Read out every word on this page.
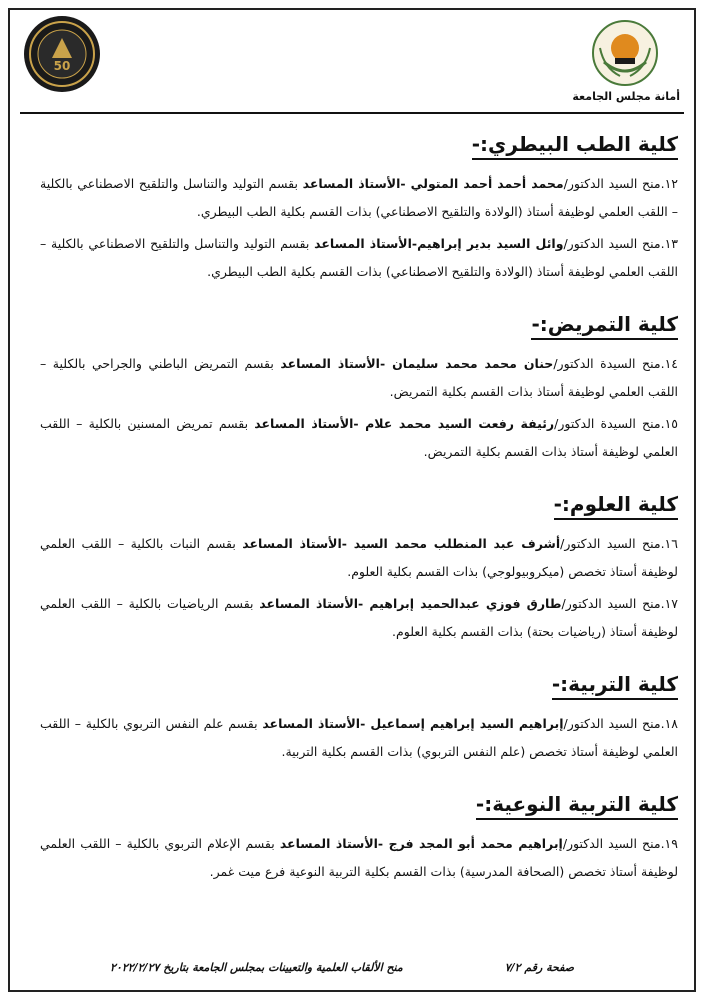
50
أمانة مجلس الجامعة
كلية الطب البيطري:-

١٢.منح السيد الدكتور/محمد أحمد أحمد المتولي -الأستاذ المساعد بقسم التوليد والتناسل والتلقيح الاصطناعي بالكلية – اللقب العلمي لوظيفة أستاذ (الولادة والتلقيح الاصطناعي) بذات القسم بكلية الطب البيطري.

١٣.منح السيد الدكتور/وائل السيد بدير إبراهيم-الأستاذ المساعد بقسم التوليد والتناسل والتلقيح الاصطناعي بالكلية – اللقب العلمي لوظيفة أستاذ (الولادة والتلقيح الاصطناعي) بذات القسم بكلية الطب البيطري.

كلية التمريض:-

١٤.منح السيدة الدكتور/حنان محمد محمد سليمان -الأستاذ المساعد بقسم التمريض الباطني والجراحي بالكلية – اللقب العلمي لوظيفة أستاذ بذات القسم بكلية التمريض.

١٥.منح السيدة الدكتور/رئيفة رفعت السيد محمد علام -الأستاذ المساعد بقسم تمريض المسنين بالكلية – اللقب العلمي لوظيفة أستاذ بذات القسم بكلية التمريض.

كلية العلوم:-

١٦.منح السيد الدكتور/أشرف عبد المنطلب محمد السيد -الأستاذ المساعد بقسم النبات بالكلية – اللقب العلمي لوظيفة أستاذ تخصص (ميكروبيولوجي) بذات القسم بكلية العلوم.

١٧.منح السيد الدكتور/طارق فوزي عبدالحميد إبراهيم -الأستاذ المساعد بقسم الرياضيات بالكلية – اللقب العلمي لوظيفة أستاذ (رياضيات بحتة) بذات القسم بكلية العلوم.

كلية التربية:-

١٨.منح السيد الدكتور/إبراهيم السيد إبراهيم إسماعيل -الأستاذ المساعد بقسم علم النفس التربوي بالكلية – اللقب العلمي لوظيفة أستاذ تخصص (علم النفس التربوي) بذات القسم بكلية التربية.

كلية التربية النوعية:-

١٩.منح السيد الدكتور/إبراهيم محمد أبو المجد فرج -الأستاذ المساعد بقسم الإعلام التربوي بالكلية – اللقب العلمي لوظيفة أستاذ تخصص (الصحافة المدرسية) بذات القسم بكلية التربية النوعية فرع ميت غمر.

صفحة رقم ٧/٢
منح الألقاب العلمية والتعيينات بمجلس الجامعة بتاريخ ٢٠٢٢/٢/٢٧
